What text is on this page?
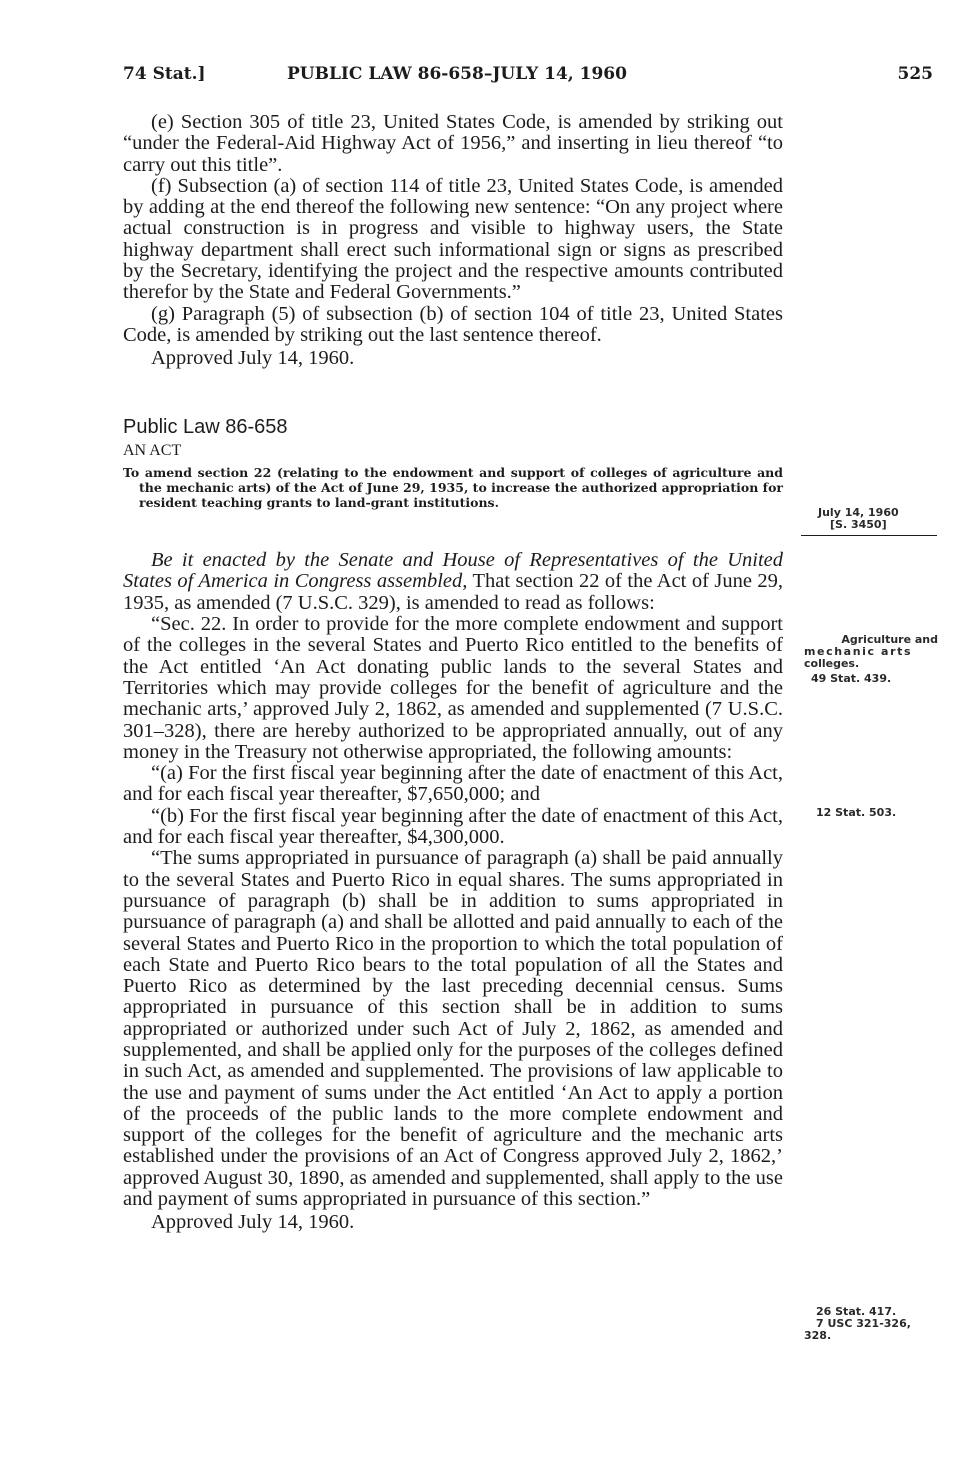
74 Stat.]	PUBLIC LAW 86-658–JULY 14, 1960	525

(e) Section 305 of title 23, United States Code, is amended by striking out “under the Federal-Aid Highway Act of 1956,” and inserting in lieu thereof “to carry out this title”.

(f) Subsection (a) of section 114 of title 23, United States Code, is amended by adding at the end thereof the following new sentence: “On any project where actual construction is in progress and visible to highway users, the State highway department shall erect such informational sign or signs as prescribed by the Secretary, identifying the project and the respective amounts contributed therefor by the State and Federal Governments.”

(g) Paragraph (5) of subsection (b) of section 104 of title 23, United States Code, is amended by striking out the last sentence thereof.

Approved July 14, 1960.

Public Law 86-658

AN ACT

To amend section 22 (relating to the endowment and support of colleges of agriculture and the mechanic arts) of the Act of June 29, 1935, to increase the authorized appropriation for resident teaching grants to land-grant institutions.

Be it enacted by the Senate and House of Representatives of the United States of America in Congress assembled, That section 22 of the Act of June 29, 1935, as amended (7 U.S.C. 329), is amended to read as follows:

“Sec. 22. In order to provide for the more complete endowment and support of the colleges in the several States and Puerto Rico entitled to the benefits of the Act entitled ‘An Act donating public lands to the several States and Territories which may provide colleges for the benefit of agriculture and the mechanic arts,’ approved July 2, 1862, as amended and supplemented (7 U.S.C. 301–328), there are hereby authorized to be appropriated annually, out of any money in the Treasury not otherwise appropriated, the following amounts:

“(a) For the first fiscal year beginning after the date of enactment of this Act, and for each fiscal year thereafter, $7,650,000; and

“(b) For the first fiscal year beginning after the date of enactment of this Act, and for each fiscal year thereafter, $4,300,000.

“The sums appropriated in pursuance of paragraph (a) shall be paid annually to the several States and Puerto Rico in equal shares. The sums appropriated in pursuance of paragraph (b) shall be in addition to sums appropriated in pursuance of paragraph (a) and shall be allotted and paid annually to each of the several States and Puerto Rico in the proportion to which the total population of each State and Puerto Rico bears to the total population of all the States and Puerto Rico as determined by the last preceding decennial census. Sums appropriated in pursuance of this section shall be in addition to sums appropriated or authorized under such Act of July 2, 1862, as amended and supplemented, and shall be applied only for the purposes of the colleges defined in such Act, as amended and supplemented. The provisions of law applicable to the use and payment of sums under the Act entitled ‘An Act to apply a portion of the proceeds of the public lands to the more complete endowment and support of the colleges for the benefit of agriculture and the mechanic arts established under the provisions of an Act of Congress approved July 2, 1862,’ approved August 30, 1890, as amended and supplemented, shall apply to the use and payment of sums appropriated in pursuance of this section.”

Approved July 14, 1960.

July 14, 1960
[S. 3450]
Agriculture and
mechanic arts
colleges.
49 Stat. 439.
12 Stat. 503.
26 Stat. 417.
7 USC 321-326,
328.
